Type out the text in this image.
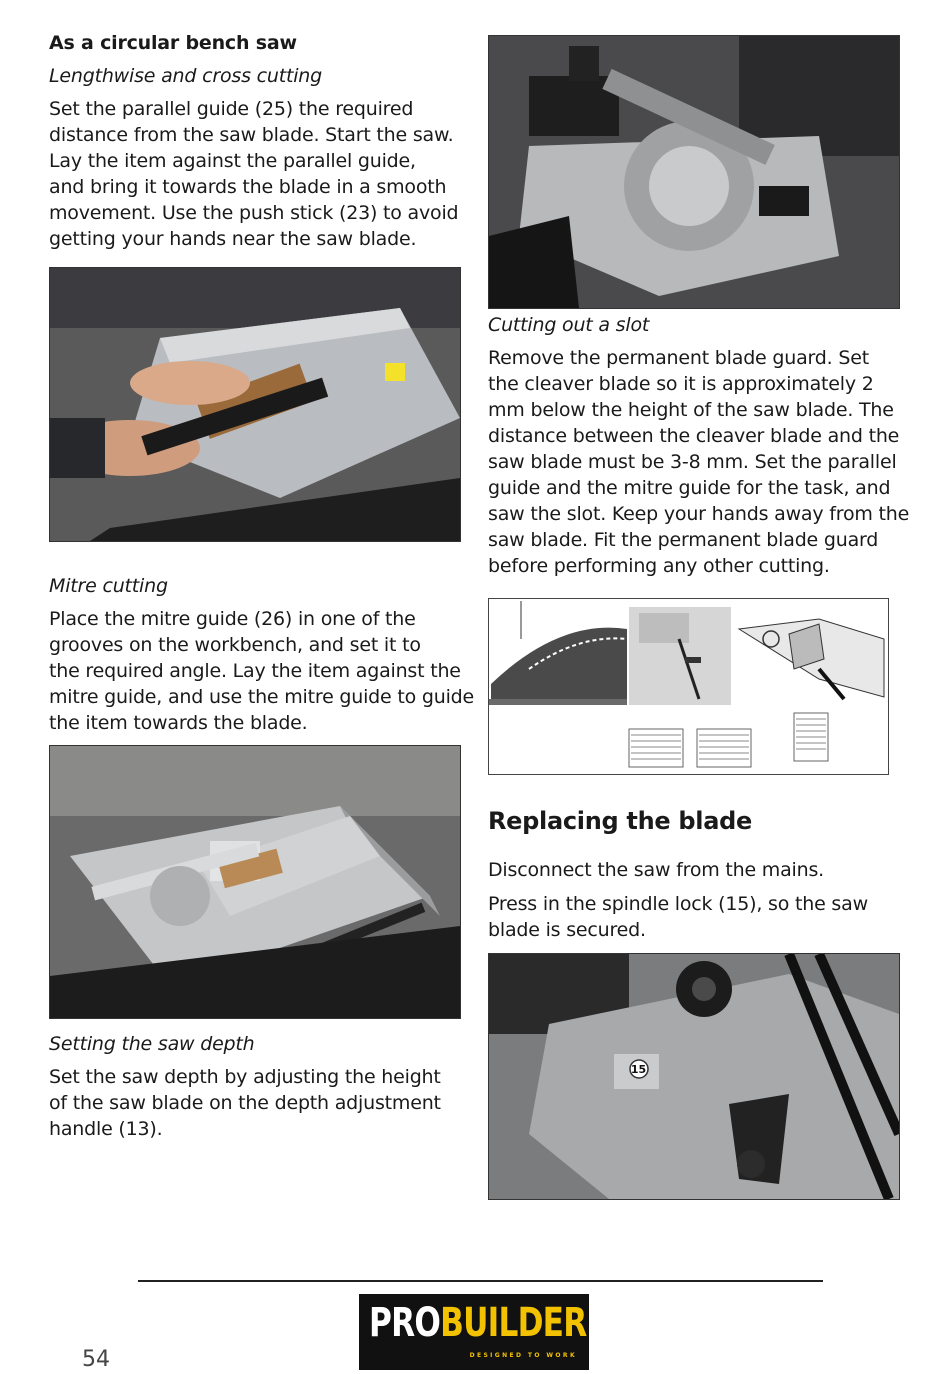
As a circular bench saw
Lengthwise and cross cutting
Set the parallel guide (25) the required
distance from the saw blade. Start the saw.
Lay the item against the parallel guide,
and bring it towards the blade in a smooth
movement. Use the push stick (23) to avoid
getting your hands near the saw blade.
Mitre cutting
Place the mitre guide (26) in one of the
grooves on the workbench, and set it to
the required angle. Lay the item against the
mitre guide, and use the mitre guide to guide
the item towards the blade.
Setting the saw depth
Set the saw depth by adjusting the height
of the saw blade on the depth adjustment
handle (13).
Cutting out a slot
Remove the permanent blade guard. Set
the cleaver blade so it is approximately 2
mm below the height of the saw blade. The
distance between the cleaver blade and the
saw blade must be 3-8 mm. Set the parallel
guide and the mitre guide for the task, and
saw the slot. Keep your hands away from the
saw blade. Fit the permanent blade guard
before performing any other cutting.
Replacing the blade
Disconnect the saw from the mains.
Press in the spindle lock (15), so the saw
blade is secured.
15
PROBUILDER
DESIGNED TO WORK
54
